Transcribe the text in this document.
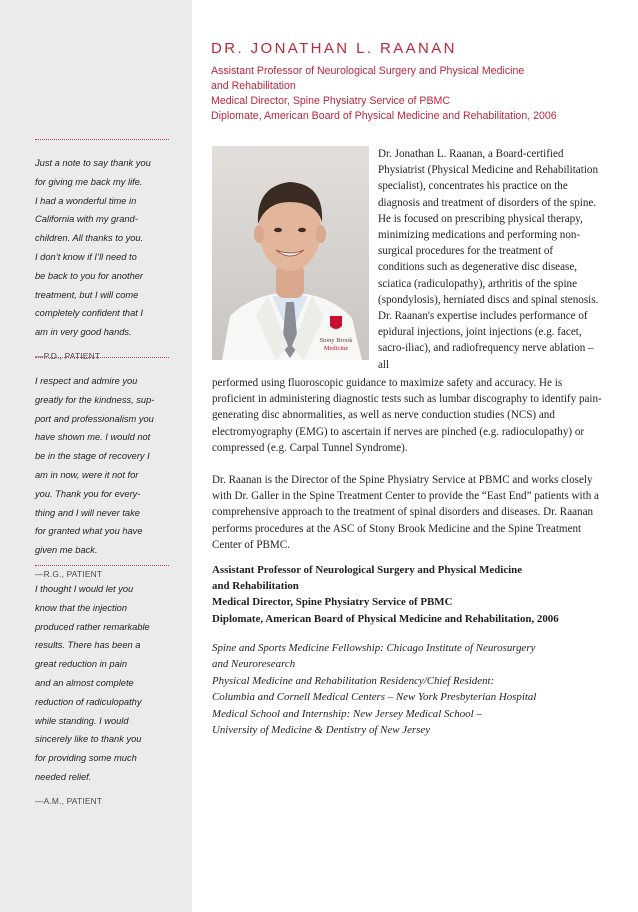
Just a note to say thank you
for giving me back my life.
I had a wonderful time in
California with my grand-
children. All thanks to you.
I don’t know if I’ll need to
be back to you for another
treatment, but I will come
completely confident that I
am in very good hands.

—P.D., PATIENT

I respect and admire you
greatly for the kindness, sup-
port and professionalism you
have shown me. I would not
be in the stage of recovery I
am in now, were it not for
you. Thank you for every-
thing and I will never take
for granted what you have
given me back.

—R.G., PATIENT

I thought I would let you
know that the injection
produced rather remarkable
results. There has been a
great reduction in pain
and an almost complete
reduction of radiculopathy
while standing. I would
sincerely like to thank you
for providing some much
needed relief.

—A.M., PATIENT
DR. JONATHAN L. RAANAN

Assistant Professor of Neurological Surgery and Physical Medicine

and Rehabilitation

Medical Director, Spine Physiatry Service of PBMC

Diplomate, American Board of Physical Medicine and Rehabilitation, 2006

Stony Brook
Medicine

Dr. Jonathan L. Raanan, a Board-certified Physiatrist (Physical Medicine and Rehabilitation specialist), concentrates his practice on the diagnosis and treatment of disorders of the spine. He is focused on prescribing physical therapy, minimizing medications and performing non-surgical procedures for the treatment of conditions such as degenerative disc disease, sciatica (radiculopathy), arthritis of the spine (spondylosis), herniated discs and spinal stenosis. Dr. Raanan's expertise includes performance of epidural injections, joint injections (e.g. facet, sacro-iliac), and radiofrequency nerve ablation – all

performed using fluoroscopic guidance to maximize safety and accuracy. He is proficient in administering diagnostic tests such as lumbar discography to identify pain-generating disc abnormalities, as well as nerve conduction studies (NCS) and electromyography (EMG) to ascertain if nerves are pinched (e.g. radioculopathy) or compressed (e.g. Carpal Tunnel Syndrome).

Dr. Raanan is the Director of the Spine Physiatry Service at PBMC and works closely with Dr. Galler in the Spine Treatment Center to provide the “East End” patients with a comprehensive approach to the treatment of spinal disorders and diseases. Dr. Raanan performs procedures at the ASC of Stony Brook Medicine and the Spine Treatment Center of PBMC.

Assistant Professor of Neurological Surgery and Physical Medicine
and Rehabilitation
Medical Director, Spine Physiatry Service of PBMC
Diplomate, American Board of Physical Medicine and Rehabilitation, 2006
Spine and Sports Medicine Fellowship: Chicago Institute of Neurosurgery
and Neuroresearch
Physical Medicine and Rehabilitation Residency/Chief Resident:
Columbia and Cornell Medical Centers – New York Presbyterian Hospital
Medical School and Internship: New Jersey Medical School –
University of Medicine & Dentistry of New Jersey
